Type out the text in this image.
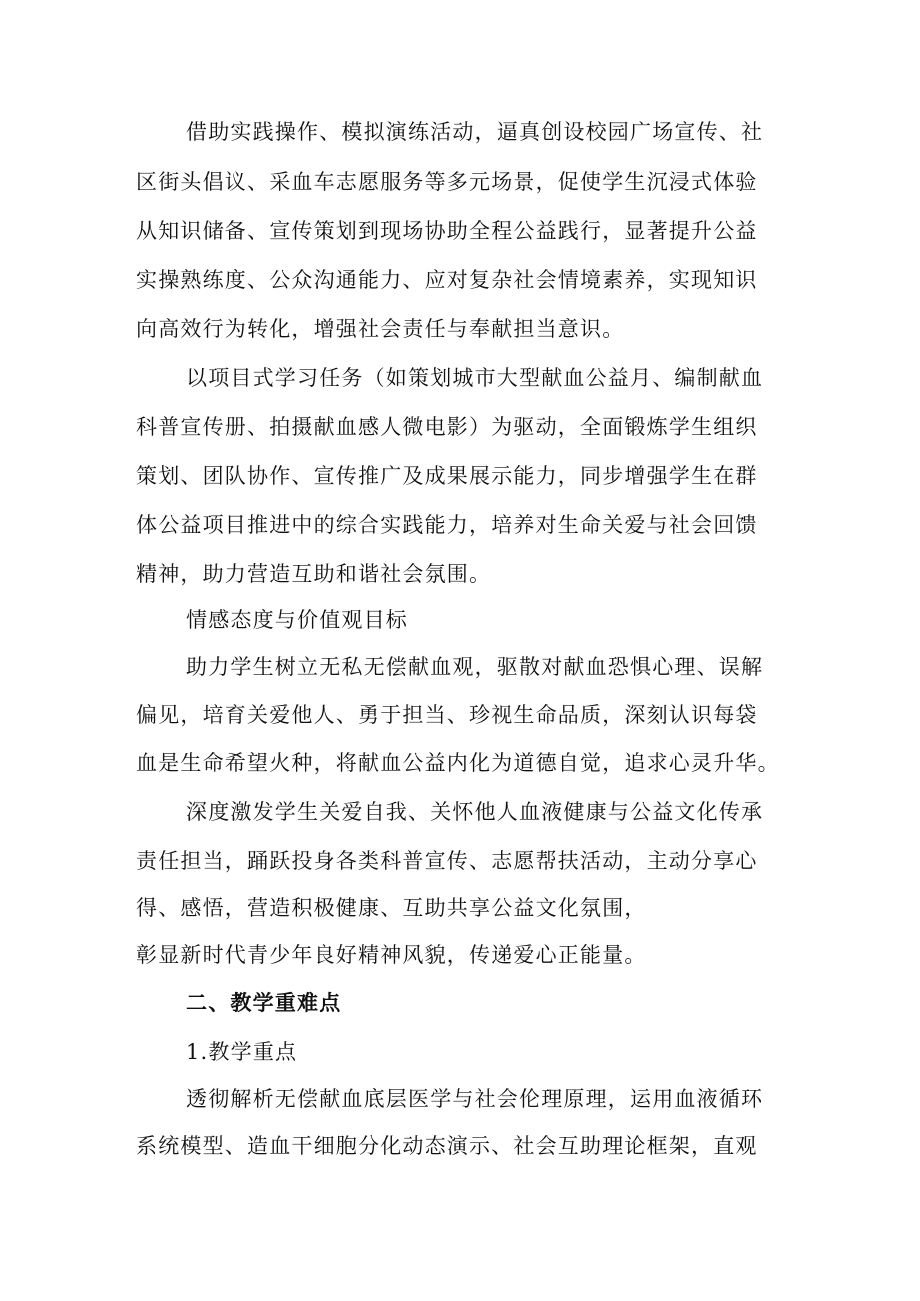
借助实践操作、模拟演练活动，逼真创设校园广场宣传、社
区街头倡议、采血车志愿服务等多元场景，促使学生沉浸式体验
从知识储备、宣传策划到现场协助全程公益践行，显著提升公益
实操熟练度、公众沟通能力、应对复杂社会情境素养，实现知识
向高效行为转化，增强社会责任与奉献担当意识。
以项目式学习任务（如策划城市大型献血公益月、编制献血
科普宣传册、拍摄献血感人微电影）为驱动，全面锻炼学生组织
策划、团队协作、宣传推广及成果展示能力，同步增强学生在群
体公益项目推进中的综合实践能力，培养对生命关爱与社会回馈
精神，助力营造互助和谐社会氛围。
情感态度与价值观目标
助力学生树立无私无偿献血观，驱散对献血恐惧心理、误解
偏见，培育关爱他人、勇于担当、珍视生命品质，深刻认识每袋
血是生命希望火种，将献血公益内化为道德自觉，追求心灵升华。
深度激发学生关爱自我、关怀他人血液健康与公益文化传承
责任担当，踊跃投身各类科普宣传、志愿帮扶活动，主动分享心
得、感悟，营造积极健康、互助共享公益文化氛围，
彰显新时代青少年良好精神风貌，传递爱心正能量。
二、教学重难点
1.教学重点
透彻解析无偿献血底层医学与社会伦理原理，运用血液循环
系统模型、造血干细胞分化动态演示、社会互助理论框架，直观
